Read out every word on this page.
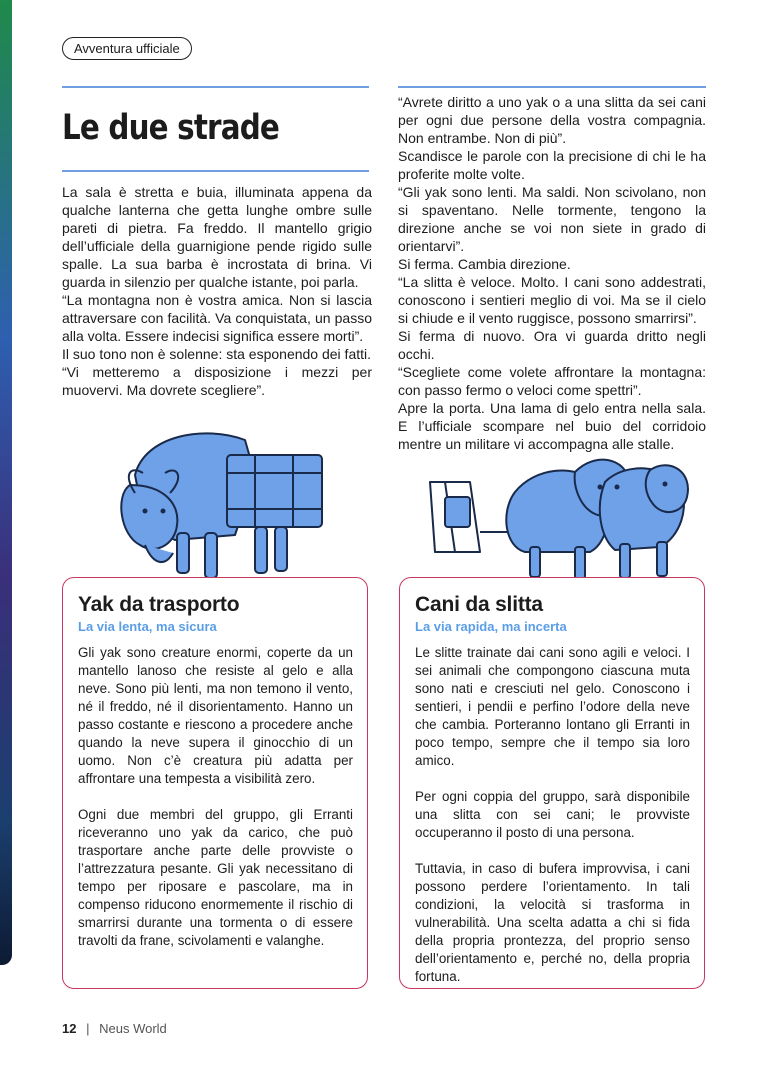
Avventura ufficiale
Le due strade

La sala è stretta e buia, illuminata appena da qualche lanterna che getta lunghe ombre sulle pareti di pietra. Fa freddo. Il mantello grigio dell’ufficiale della guarnigione pende rigido sulle spalle. La sua barba è incrostata di brina. Vi guarda in silenzio per qualche istante, poi parla.

“La montagna non è vostra amica. Non si lascia attraversare con facilità. Va conquistata, un passo alla volta. Essere indecisi significa essere morti”.

Il suo tono non è solenne: sta esponendo dei fatti.

“Vi metteremo a disposizione i mezzi per muovervi. Ma dovrete scegliere”.

“Avrete diritto a uno yak o a una slitta da sei cani per ogni due persone della vostra compagnia. Non entrambe. Non di più”.

Scandisce le parole con la precisione di chi le ha proferite molte volte.

“Gli yak sono lenti. Ma saldi. Non scivolano, non si spaventano. Nelle tormente, tengono la direzione anche se voi non siete in grado di orientarvi”.

Si ferma. Cambia direzione.

“La slitta è veloce. Molto. I cani sono addestrati, conoscono i sentieri meglio di voi. Ma se il cielo si chiude e il vento ruggisce, possono smarrirsi”.

Si ferma di nuovo. Ora vi guarda dritto negli occhi.

“Scegliete come volete affrontare la montagna: con passo fermo o veloci come spettri”.

Apre la porta. Una lama di gelo entra nella sala. E l’ufficiale scompare nel buio del corridoio mentre un militare vi accompagna alle stalle.

Yak da trasporto
La via lenta, ma sicura

Gli yak sono creature enormi, coperte da un mantello lanoso che resiste al gelo e alla neve. Sono più lenti, ma non temono il vento, né il freddo, né il disorientamento. Hanno un passo costante e riescono a procedere anche quando la neve supera il ginocchio di un uomo. Non c’è creatura più adatta per affrontare una tempesta a visibilità zero.

Ogni due membri del gruppo, gli Erranti riceveranno uno yak da carico, che può trasportare anche parte delle provviste o l’attrezzatura pesante. Gli yak necessitano di tempo per riposare e pascolare, ma in compenso riducono enormemente il rischio di smarrirsi durante una tormenta o di essere travolti da frane, scivolamenti e valanghe.

Cani da slitta
La via rapida, ma incerta

Le slitte trainate dai cani sono agili e veloci. I sei animali che compongono ciascuna muta sono nati e cresciuti nel gelo. Conoscono i sentieri, i pendii e perfino l’odore della neve che cambia. Porteranno lontano gli Erranti in poco tempo, sempre che il tempo sia loro amico.

Per ogni coppia del gruppo, sarà disponibile una slitta con sei cani; le provviste occuperanno il posto di una persona.

Tuttavia, in caso di bufera improvvisa, i cani possono perdere l’orientamento. In tali condizioni, la velocità si trasforma in vulnerabilità. Una scelta adatta a chi si fida della propria prontezza, del proprio senso dell’orientamento e, perché no, della propria fortuna.

12 | Neus World
